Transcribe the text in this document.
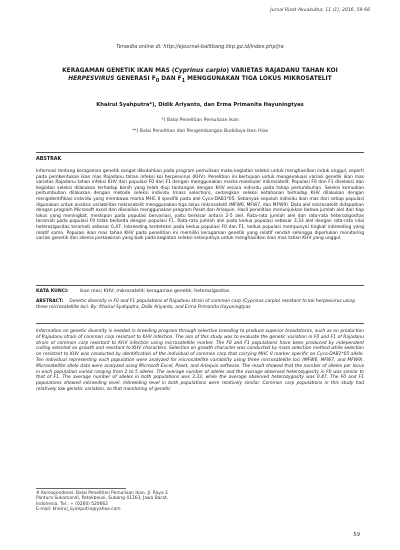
Jurnal Riset Akuakultur, 11 (1), 2016, 59-66
Tersedia online di: http://ejournal-balitbang.kkp.go.id/index.php/jra
KERAGAMAN GENETIK IKAN MAS (Cyprinus carpio) VARIETAS RAJADANU TAHAN KOI
HERPESVIRUS GENERASI $F_0$ DAN $F_1$ MENGGUNAKAN TIGA LOKUS MIKROSATELIT
Khairul Syahputra*), Didik Ariyanto, dan Erma Primanita Hayuningtyas
*) Balai Penelitian Pemuliaan Ikan
**) Balai Penelitian dan Pengembangan Budidaya Ikan Hias
ABSTRAK
Informasi tentang keragaman genetik sangat dibutuhkan pada program pemuliaan maka kegiatan seleksi untuk menghasilkan induk unggul, seperti pada pembentukan ikan mas Rajadanu tahan infeksi koi herpesvirus (KHV). Penelitian ini bertujuan untuk mengevaluasi variasi genetik ikan mas varietas Rajadanu tahan infeksi KHV dari populasi F0 dan F1 dengan menggunakan marka molekuler mikrosatelit. Populasi F0 dan F1 diseleksi dan kegiatan seleksi dilakukan terhadap benih yang telah diuji tantangan dengan KHV secara individu pada tahap pertumbuhan. Seleksi kemudian pertumbuhan dilakukan dengan metode seleksi individu (mass selection), sedangkan seleksi ketahanan terhadap KHV dilakukan dengan mengidentifikasi individu yang membawa marka MHC II spesifik pada alel Cyca-DAB1*05. Sebanyak sepuluh individu ikan mas dari setiap populasi digunakan untuk analisis variabilitas mikrosatelit menggunakan tiga lokus mikrosatelit (MFW6, MFW7, dan MFW9). Data alel mikrosatelit didapatkan dengan program Microsoft excel dan dianalisis menggunakan program Poset dan Arlequin. Hasil penelitian menunjukkan bahwa jumlah alel dari tiap lokus yang meningkat, meskipun pada populasi bervariasi, yaitu berkisar antara 2-5 alel. Rata-rata jumlah alel dan rata-rata heterozigositas teramati pada populasi F0 tidak berbeda dengan populasi F1. Rata-rata jumlah alel pada kedua populasi sebesar 3,33 alel dengan rata-rata nilai heterozigositas teramati sebesar 0,47. Inbreeding terdeteksi pada kedua populasi F0 dan F1, kedua populasi mempunyai tingkat inbreeding yang relatif sama. Populasi ikan mas tahan KHV pada penelitian ini memiliki keragaman genetik yang relatif rendah sehingga diperlukan monitoring variasi genetik dan skema perkawinan yang baik pada kegiatan seleksi selanjutnya untuk menghasilkan ikan mas tahan KHV yang unggul.
KATA KUNCI: ikan mas; KHV; mikrosatelit; keragaman genetik; heterozigositas
ABSTRACT: Genetic diversity in F0 and F1 populations of Rajadanu strain of common carp (Cyprinus carpio) resistant to koi herpesvirus using three microsatellite loci. By: Khairul Syahputra, Didik Ariyanto, and Erma Primanita Hayuningtyas
Information on genetic diversity is needed in breeding program through selective breeding to produce superior broodstocks, such as on production of Rajadanu strain of common carp resistant to KHV infection. The aim of this study was to evaluate the genetic variation in F0 and F1 of Rajadanu strain of common carp resistant to KHV infection using microsatellite marker. The F0 and F1 populations have been produced by independent culling selected on growth and resistant to KHV characters. Selection on growth character was conducted by mass selection method while selection on resistant to KHV was conducted by identification of the individual of common carp that carrying MHC II marker specific on Cyca-DAB1*05 allele. Ten individual representing each population were analyzed for microsatellite variability using three microsatellite loci (MFW6, MFW7, and MFW9). Microsatellite allele data were analyzed using Microsoft Excel, Poset, and Arlequin software. The result showed that the number of alleles per locus in each population varied ranging from 2 to 5 alleles. The average number of alleles and the average observed heterozygosity in F0 was similar to that of F1. The average number of alleles in both populations was 3.33, while the average observed heterozygosity was 0.47. The F0 and F1 populations showed inbreeding level. Inbreeding level in both populations were relatively similar. Common carp populations in this study had relatively low genetic variation, so that monitoring of genetic
# Korespondensi: Balai Penelitian Pemuliaan Ikan. Jl. Raya 2
Pantura Sukamandi, Patokbeusi, Subang 41263, Jawa Barat,
Indonesia. Tel.: + (0260) 520662
E-mail: khairul_syahputra@yahoo.com
59
